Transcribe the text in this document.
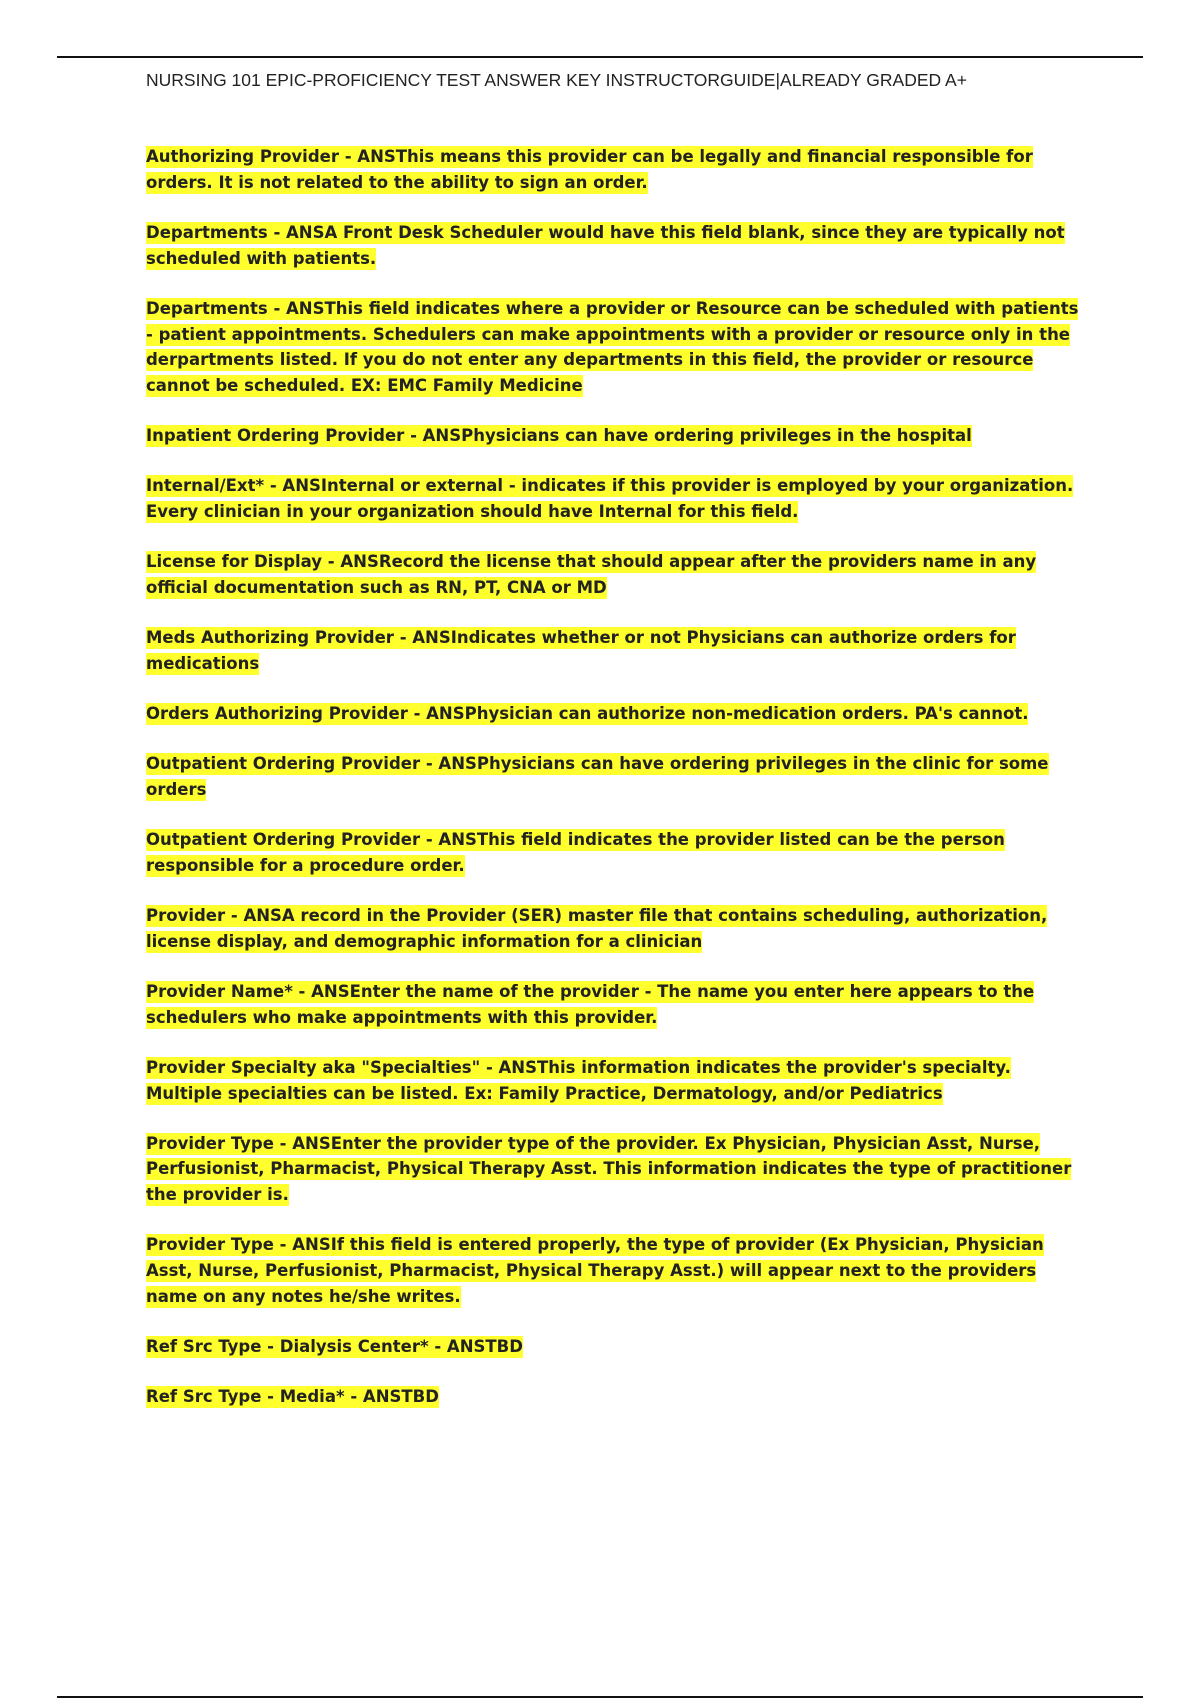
NURSING 101 EPIC-PROFICIENCY TEST ANSWER KEY INSTRUCTORGUIDE|ALREADY GRADED A+

Authorizing Provider - ANSThis means this provider can be legally and financial responsible for orders. It is not related to the ability to sign an order.

Departments - ANSA Front Desk Scheduler would have this field blank, since they are typically not scheduled with patients.

Departments - ANSThis field indicates where a provider or Resource can be scheduled with patients - patient appointments. Schedulers can make appointments with a provider or resource only in the derpartments listed. If you do not enter any departments in this field, the provider or resource cannot be scheduled. EX: EMC Family Medicine

Inpatient Ordering Provider - ANSPhysicians can have ordering privileges in the hospital

Internal/Ext* - ANSInternal or external - indicates if this provider is employed by your organization. Every clinician in your organization should have Internal for this field.

License for Display - ANSRecord the license that should appear after the providers name in any official documentation such as RN, PT, CNA or MD

Meds Authorizing Provider - ANSIndicates whether or not Physicians can authorize orders for medications

Orders Authorizing Provider - ANSPhysician can authorize non-medication orders. PA's cannot.

Outpatient Ordering Provider - ANSPhysicians can have ordering privileges in the clinic for some orders

Outpatient Ordering Provider - ANSThis field indicates the provider listed can be the person responsible for a procedure order.

Provider - ANSA record in the Provider (SER) master file that contains scheduling, authorization, license display, and demographic information for a clinician

Provider Name* - ANSEnter the name of the provider - The name you enter here appears to the schedulers who make appointments with this provider.

Provider Specialty aka "Specialties" - ANSThis information indicates the provider's specialty. Multiple specialties can be listed. Ex: Family Practice, Dermatology, and/or Pediatrics

Provider Type - ANSEnter the provider type of the provider. Ex Physician, Physician Asst, Nurse, Perfusionist, Pharmacist, Physical Therapy Asst. This information indicates the type of practitioner the provider is.

Provider Type - ANSIf this field is entered properly, the type of provider (Ex Physician, Physician Asst, Nurse, Perfusionist, Pharmacist, Physical Therapy Asst.) will appear next to the providers name on any notes he/she writes.

Ref Src Type - Dialysis Center* - ANSTBD

Ref Src Type - Media* - ANSTBD
